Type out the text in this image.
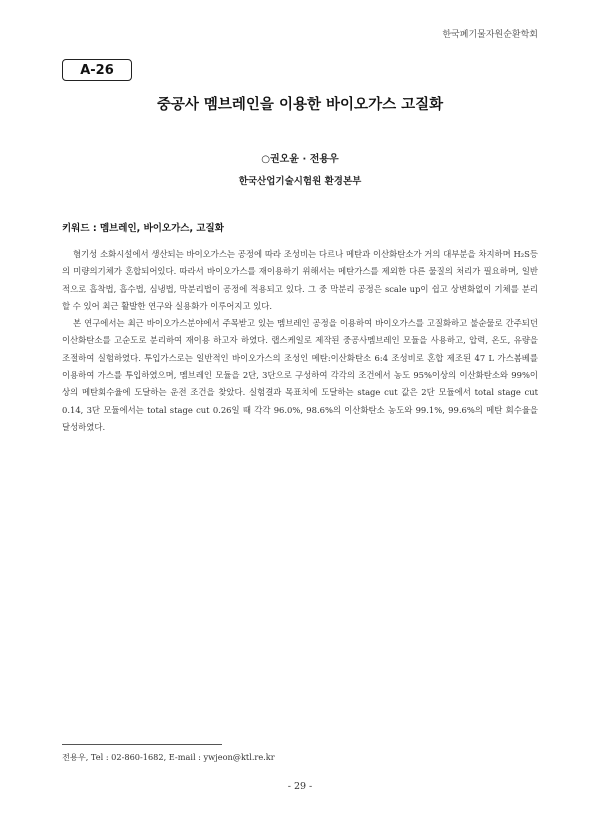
한국폐기물자원순환학회
A-26
중공사 멤브레인을 이용한 바이오가스 고질화
○권오윤 · 전용우
한국산업기술시험원 환경본부
키워드 : 멤브레인, 바이오가스, 고질화

혐기성 소화시설에서 생산되는 바이오가스는 공정에 따라 조성비는 다르나 메탄과 이산화탄소가 거의 대부분을 차지하며 H₂S등의 미량의기체가 혼합되어있다. 따라서 바이오가스를 재이용하기 위해서는 메탄가스를 제외한 다른 물질의 처리가 필요하며, 일반적으로 흡착법, 흡수법, 심냉법, 막분리법이 공정에 적용되고 있다. 그 중 막분리 공정은 scale up이 쉽고 상변화없이 기체를 분리할 수 있어 최근 활발한 연구와 실용화가 이루어지고 있다.

본 연구에서는 최근 바이오가스분야에서 주목받고 있는 멤브레인 공정을 이용하여 바이오가스를 고질화하고 불순물로 간주되던 이산화탄소를 고순도로 분리하여 재이용 하고자 하였다. 랩스케일로 제작된 중공사멤브레인 모듈을 사용하고, 압력, 온도, 유량을 조절하여 실험하였다. 투입가스로는 일반적인 바이오가스의 조성인 메탄:이산화탄소 6:4 조성비로 혼합 제조된 47 L 가스봄베를 이용하여 가스를 투입하였으며, 멤브레인 모듈을 2단, 3단으로 구성하여 각각의 조건에서 농도 95%이상의 이산화탄소와 99%이상의 메탄회수율에 도달하는 운전 조건을 찾았다. 실험결과 목표치에 도달하는 stage cut 값은 2단 모듈에서 total stage cut 0.14, 3단 모듈에서는 total stage cut 0.26일 때 각각 96.0%, 98.6%의 이산화탄소 농도와 99.1%, 99.6%의 메탄 회수율을 달성하였다.

전용우, Tel : 02-860-1682, E-mail : ywjeon@ktl.re.kr
- 29 -
